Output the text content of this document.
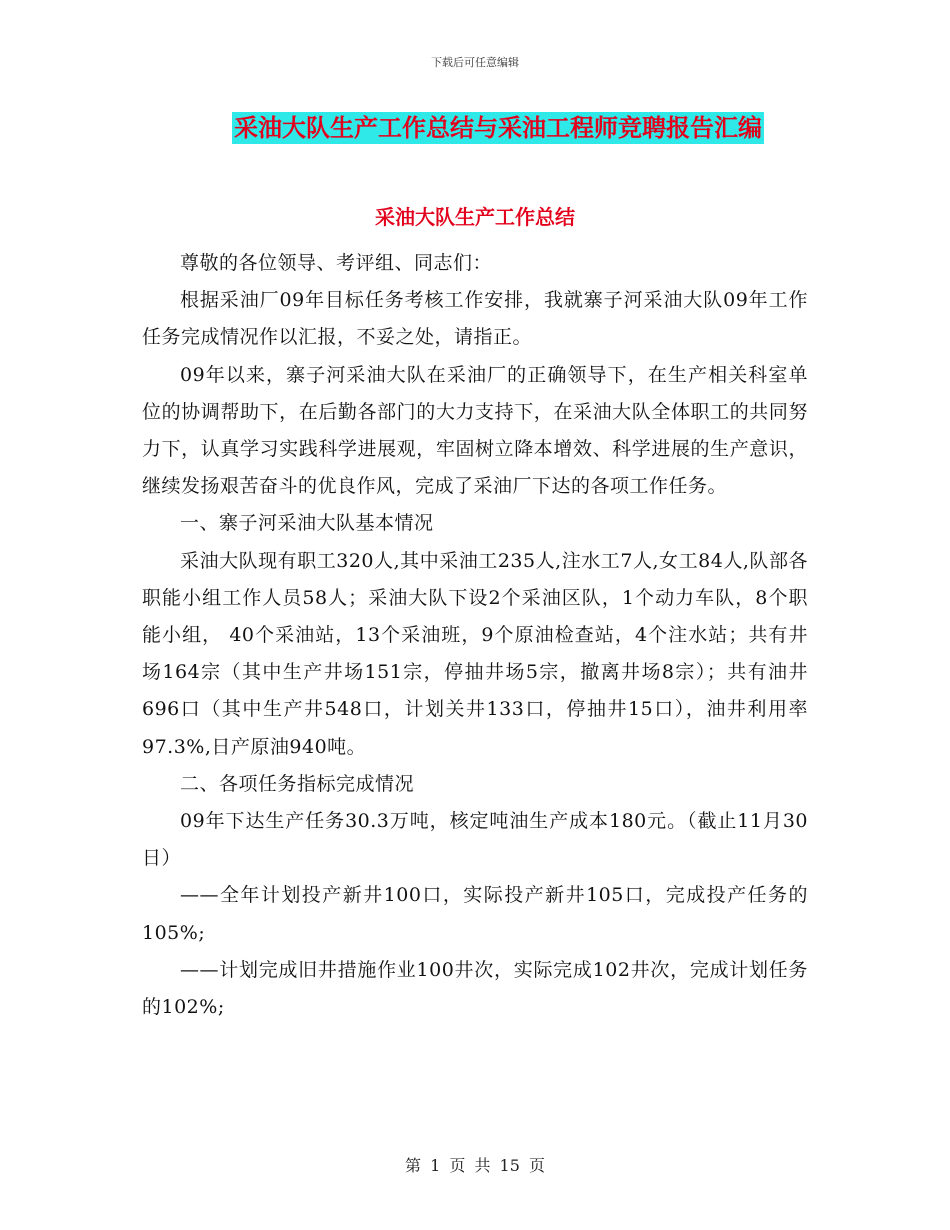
下载后可任意编辑
采油大队生产工作总结与采油工程师竞聘报告汇编
采油大队生产工作总结

尊敬的各位领导、考评组、同志们：

根据采油厂09年目标任务考核工作安排，我就寨子河采油大队09年工作任务完成情况作以汇报，不妥之处，请指正。

09年以来，寨子河采油大队在采油厂的正确领导下，在生产相关科室单位的协调帮助下，在后勤各部门的大力支持下，在采油大队全体职工的共同努力下，认真学习实践科学进展观，牢固树立降本增效、科学进展的生产意识，继续发扬艰苦奋斗的优良作风，完成了采油厂下达的各项工作任务。

一、寨子河采油大队基本情况

采油大队现有职工320人,其中采油工235人,注水工7人,女工84人,队部各职能小组工作人员58人；采油大队下设2个采油区队，1个动力车队，8个职能小组， 40个采油站，13个采油班，9个原油检查站，4个注水站；共有井场164宗（其中生产井场151宗，停抽井场5宗，撤离井场8宗）；共有油井696口（其中生产井548口，计划关井133口，停抽井15口），油井利用率97.3%,日产原油940吨。

二、各项任务指标完成情况

09年下达生产任务30.3万吨，核定吨油生产成本180元。（截止11月30日）

——全年计划投产新井100口，实际投产新井105口，完成投产任务的105%;

——计划完成旧井措施作业100井次，实际完成102井次，完成计划任务的102%;

第 1 页 共 15 页
